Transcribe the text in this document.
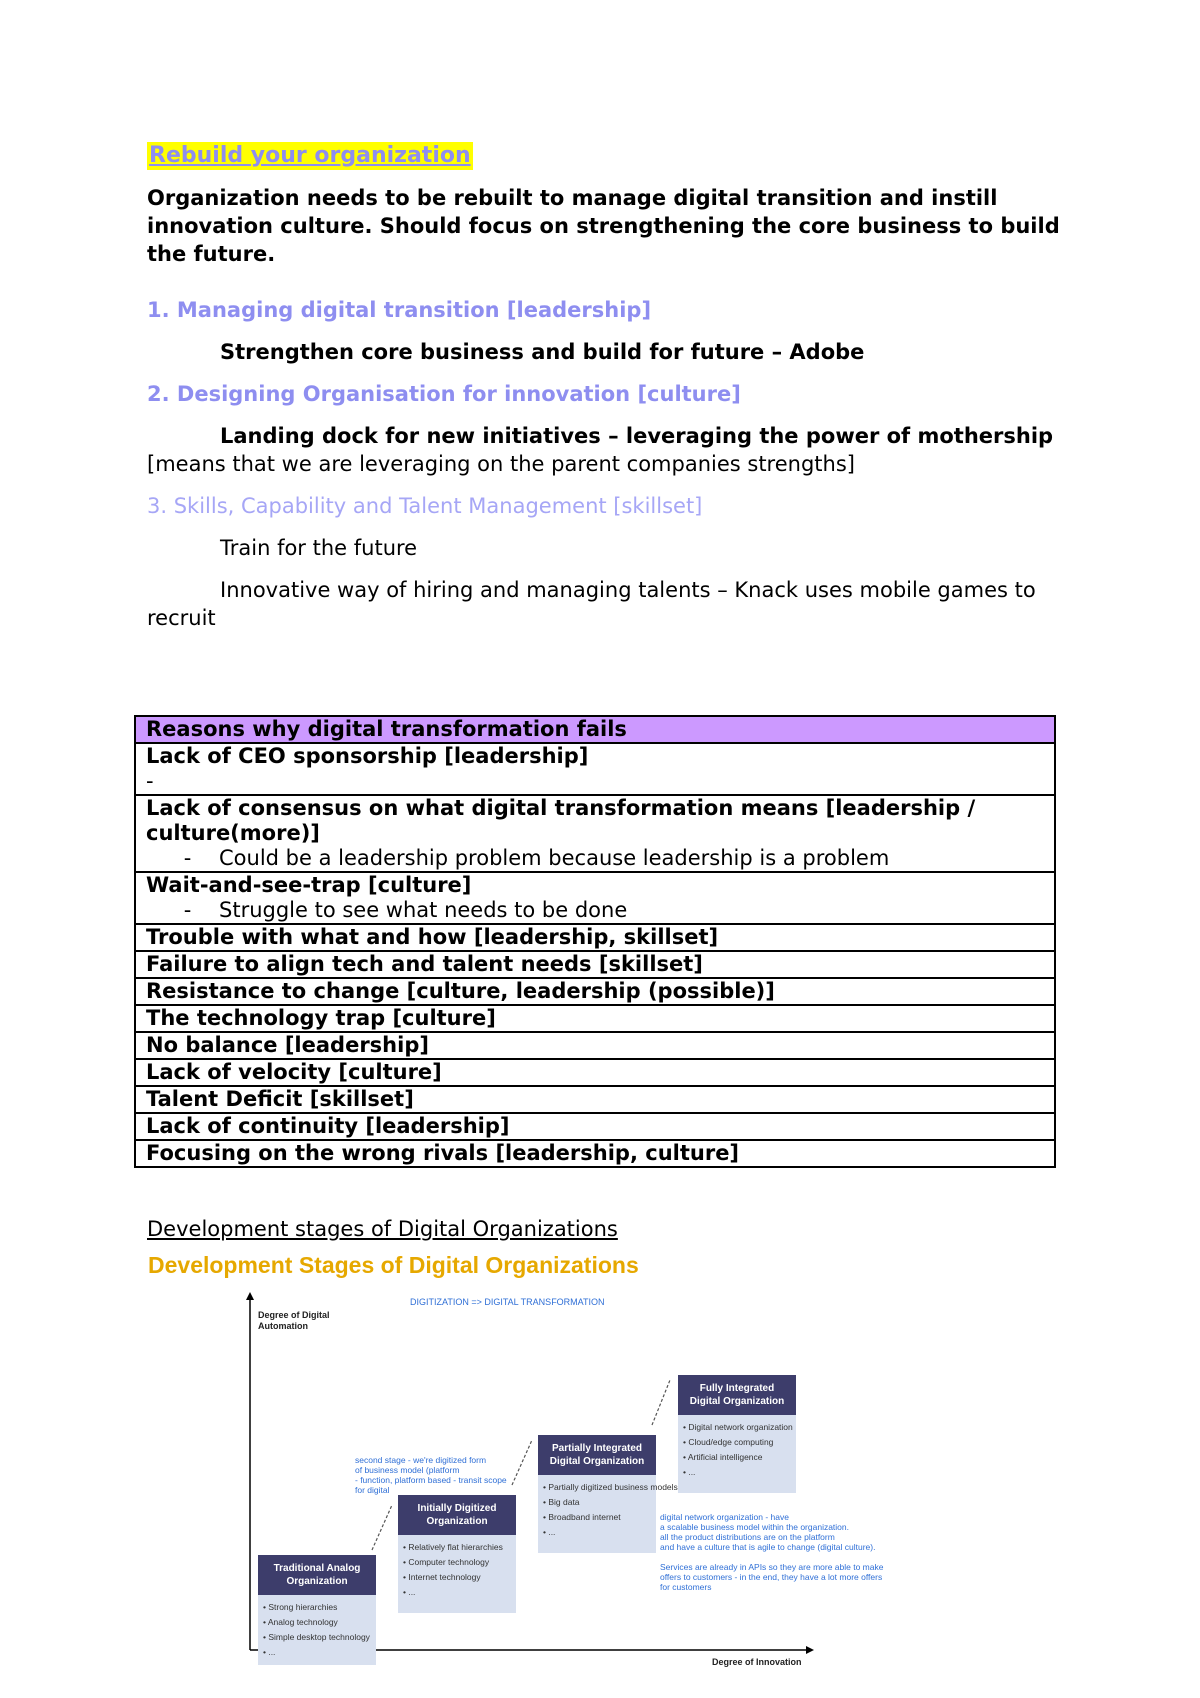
Rebuild your organization

Organization needs to be rebuilt to manage digital transition and instill innovation culture. Should focus on strengthening the core business to build the future.

1. Managing digital transition [leadership]

Strengthen core business and build for future – Adobe

2. Designing Organisation for innovation [culture]

Landing dock for new initiatives – leveraging the power of mothership [means that we are leveraging on the parent companies strengths]

3. Skills, Capability and Talent Management [skillset]

Train for the future

Innovative way of hiring and managing talents – Knack uses mobile games to recruit

Reasons why digital transformation fails

Lack of CEO sponsorship [leadership]
-

Lack of consensus on what digital transformation means [leadership / culture(more)]
-	Could be a leadership problem because leadership is a problem

Wait-and-see-trap [culture]
-	Struggle to see what needs to be done

Trouble with what and how [leadership, skillset]

Failure to align tech and talent needs [skillset]

Resistance to change [culture, leadership (possible)]

The technology trap [culture]

No balance [leadership]

Lack of velocity [culture]

Talent Deficit [skillset]

Lack of continuity [leadership]

Focusing on the wrong rivals [leadership, culture]
Development stages of Digital Organizations
Development Stages of Digital Organizations
DIGITIZATION => DIGITAL TRANSFORMATION
Degree of Digital
Automation
Degree of Innovation
Traditional Analog
Organization
• Strong hierarchies
• Analog technology
• Simple desktop technology
• ...
Initially Digitized
Organization
• Relatively flat hierarchies
• Computer technology
• Internet technology
• ...
Partially Integrated
Digital Organization
• Partially digitized business models
• Big data
• Broadband internet
• ...
Fully Integrated
Digital Organization
• Digital network organization
• Cloud/edge computing
• Artificial intelligence
• ...
second stage - we're digitized form
of business model (platform
- function, platform based - transit scope
for digital
digital network organization - have
a scalable business model within the organization.
all the product distributions are on the platform
and have a culture that is agile to change (digital culture).
Services are already in APIs so they are more able to make
offers to customers - in the end, they have a lot more offers
for customers
